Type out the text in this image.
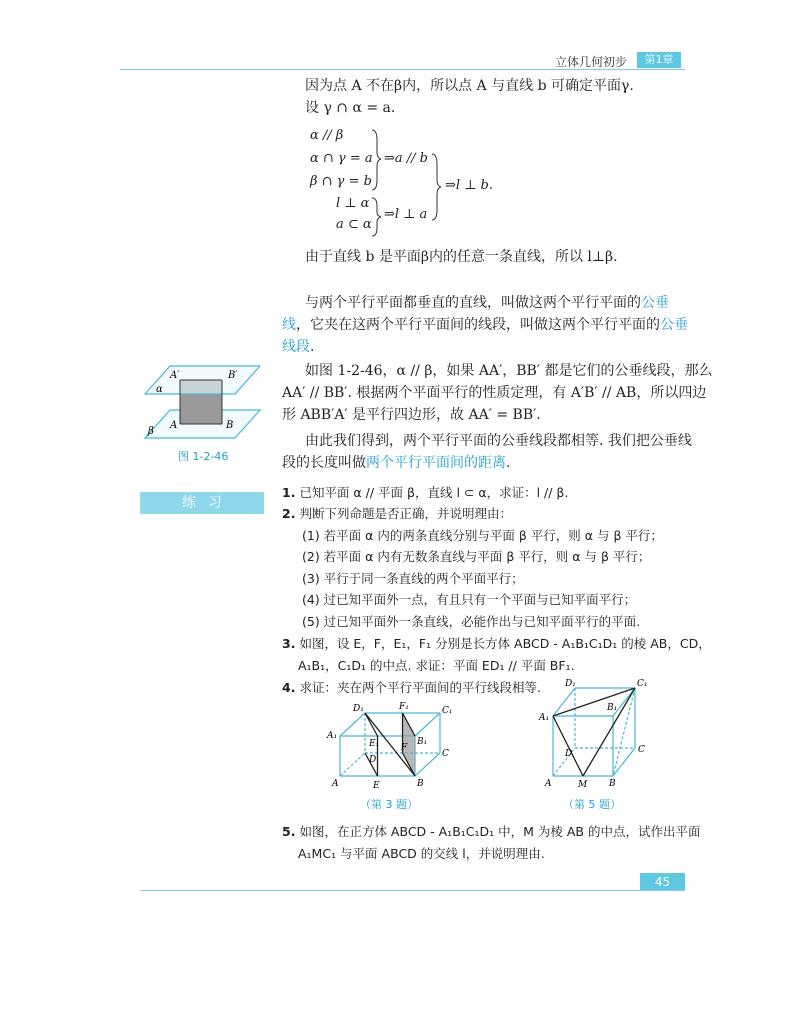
立体几何初步	第1章
因为点 A 不在β内，所以点 A 与直线 b 可确定平面γ.
设 γ ∩ α = a.
α // β
α ∩ γ = a
β ∩ γ = b
l ⊥ α
a ⊂ α
⇒a // b
⇒l ⊥ a
⇒l ⊥ b.
由于直线 b 是平面β内的任意一条直线，所以 l⊥β.
与两个平行平面都垂直的直线，叫做这两个平行平面的公垂
线，它夹在这两个平行平面间的线段，叫做这两个平行平面的公垂
线段.
如图 1-2-46，α // β，如果 AA′，BB′ 都是它们的公垂线段，那么
AA′ // BB′. 根据两个平面平行的性质定理，有 A′B′ // AB，所以四边
形 ABB′A′ 是平行四边形，故 AA′ = BB′.
由此我们得到，两个平行平面的公垂线段都相等. 我们把公垂线
段的长度叫做两个平行平面间的距离.
A′	B′
α
β
A	B
图 1-2-46
练习
1. 已知平面 α // 平面 β，直线 l ⊂ α，求证：l // β.
2. 判断下列命题是否正确，并说明理由：
(1) 若平面 α 内的两条直线分别与平面 β 平行，则 α 与 β 平行；
(2) 若平面 α 内有无数条直线与平面 β 平行，则 α 与 β 平行；
(3) 平行于同一条直线的两个平面平行；
(4) 过已知平面外一点，有且只有一个平面与已知平面平行；
(5) 过已知平面外一条直线，必能作出与已知平面平行的平面.
3. 如图，设 E，F，E₁，F₁ 分别是长方体 ABCD - A₁B₁C₁D₁ 的棱 AB，CD，
A₁B₁，C₁D₁ 的中点. 求证：平面 ED₁ // 平面 BF₁.
4. 求证：夹在两个平行平面间的平行线段相等.
D₁	F₁	C₁
A₁
E₁	B₁
D
F
C
A	E	B
（第 3 题）
D₁	C₁
A₁
B₁
D	C
A	M B
（第 5 题）
5. 如图，在正方体 ABCD - A₁B₁C₁D₁ 中，M 为棱 AB 的中点，试作出平面
A₁MC₁ 与平面 ABCD 的交线 l，并说明理由.
45
